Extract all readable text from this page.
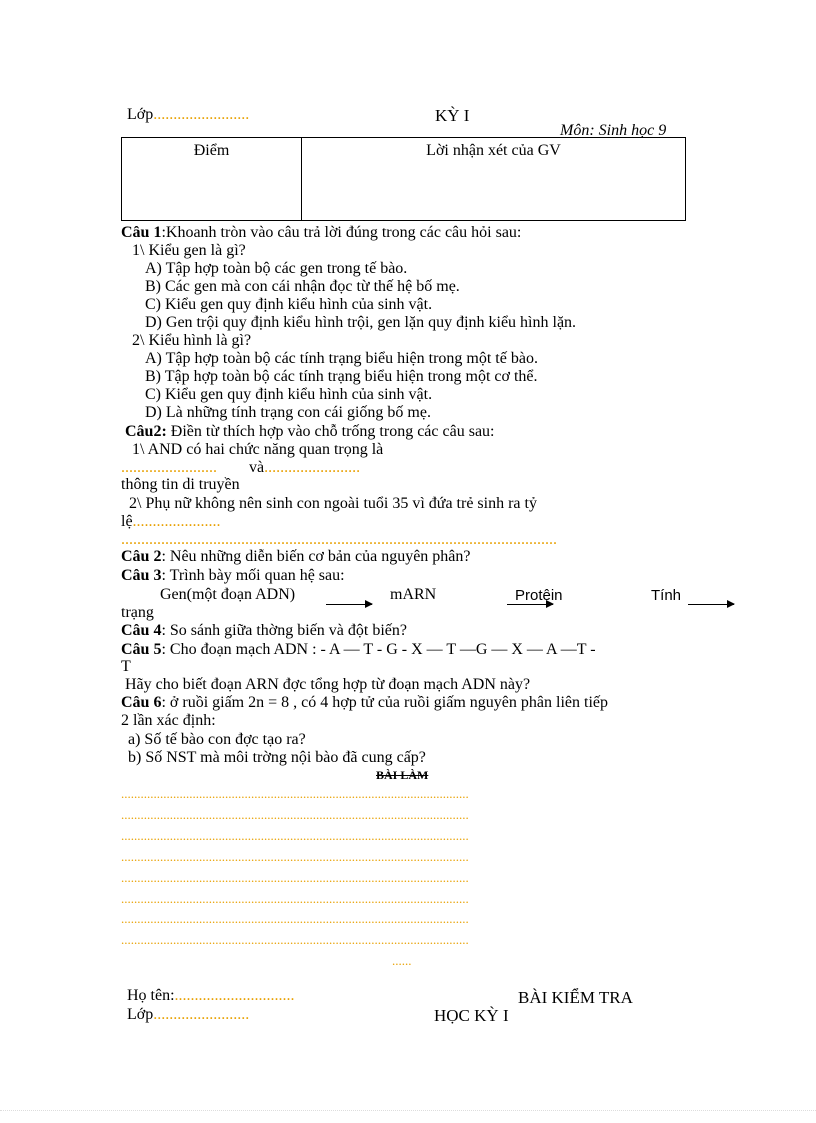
Lớp........................	KỲ I
Môn: Sinh học 9
Điểm	Lời nhận xét của GV
Câu 1:Khoanh tròn vào câu trả lời đúng trong các câu hỏi sau:
1\ Kiểu gen là gì?
A) Tập hợp toàn bộ các gen trong tế bào.
B) Các gen mà con cái nhận đọc từ thế hệ bố mẹ.
C) Kiểu gen quy định kiểu hình của sinh vật.
D) Gen trội quy định kiểu hình trội, gen lặn quy định kiểu hình lặn.
2\ Kiểu hình là gì?
A) Tập hợp toàn bộ các tính trạng biểu hiện trong một tế bào.
B) Tập hợp toàn bộ các tính trạng biểu hiện trong một cơ thể.
C) Kiểu gen quy định kiểu hình của sinh vật.
D) Là những tính trạng con cái giống bố mẹ.
Câu2: Điền từ thích hợp vào chỗ trống trong các câu sau:
1\ AND có hai chức năng quan trọng là
........................ và........................
thông tin di truyền
2\ Phụ nữ không nên sinh con ngoài tuổi 35 vì đứa trẻ sinh ra tỷ
lệ......................
.............................................................................................................
Câu 2: Nêu những diễn biến cơ bản của nguyên phân?
Câu 3: Trình bày mối quan hệ sau:
Gen(một đoạn ADN)
	mARN
	Protêin	Tính
trạng
Câu 4: So sánh giữa thờng biến và đột biến?
Câu 5: Cho đoạn mạch ADN : - A — T - G - X — T —G — X — A —T -
T
Hãy cho biết đoạn ARN đợc tổng hợp từ đoạn mạch ADN này?
Câu 6: ở ruồi giấm 2n = 8 , có 4 hợp tử của ruồi giấm nguyên phân liên tiếp
2 lần xác định:
a) Số tế bào con đợc tạo ra?
b) Số NST mà môi trờng nội bào đã cung cấp?
BÀI LÀM
...........................................................................................................
...........................................................................................................
...........................................................................................................
...........................................................................................................
...........................................................................................................
...........................................................................................................
...........................................................................................................
...........................................................................................................
......
Họ tên:..............................	BÀI KIỂM TRA
Lớp........................	HỌC KỲ I
